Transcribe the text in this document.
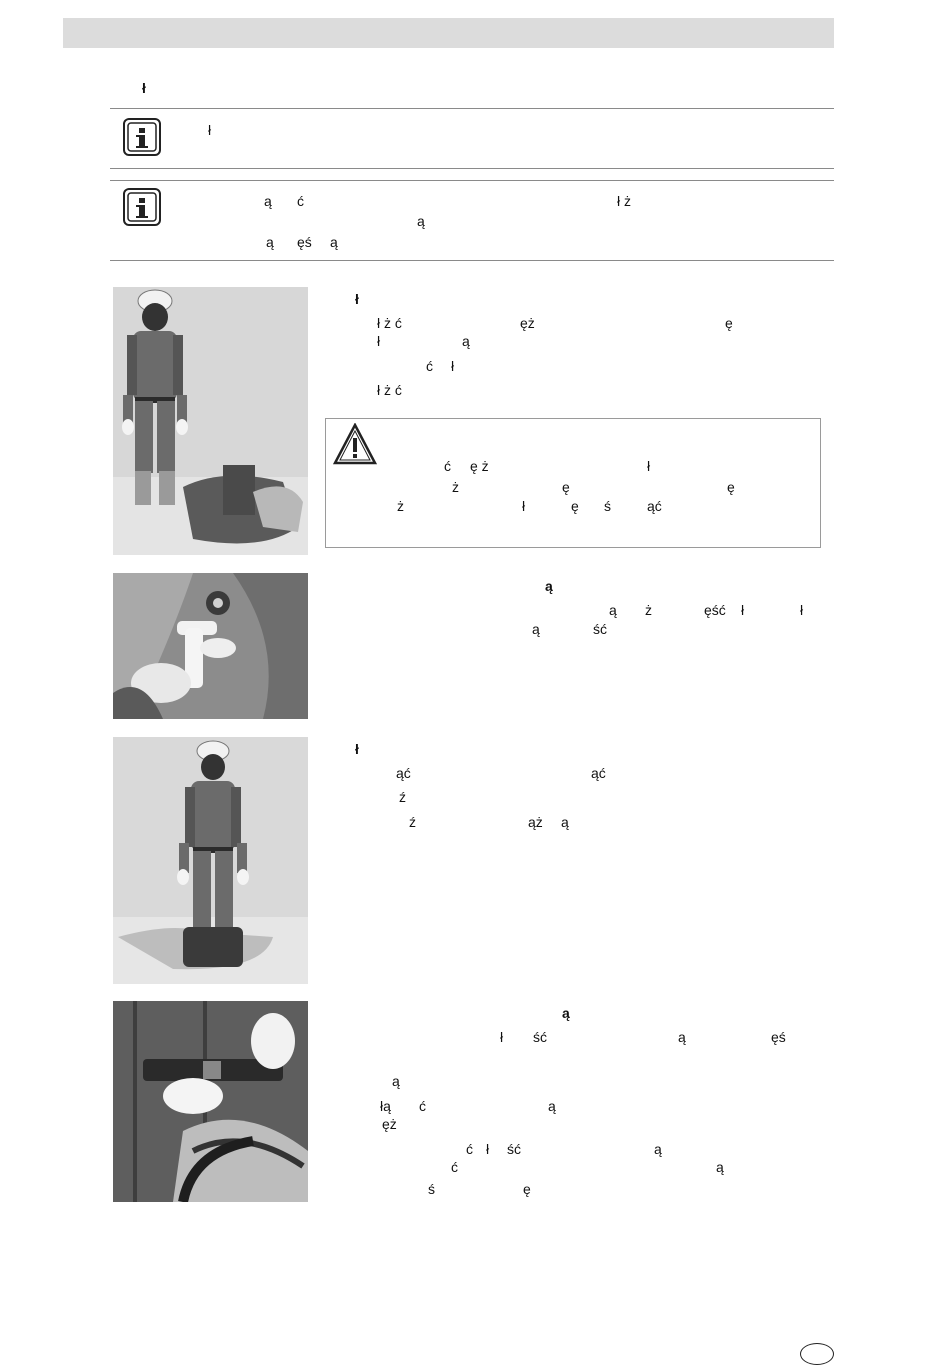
ł
ł
ą ć	ł ż
ą
ą ęś ą
ł
ł ż ć	ęż	ę
ł	ą
ć ł
ł ż ć
ć ę ż	ł
ż	ę	ę
ż	ł	ę ś	ąć
ą
ą ż	ęść ł	ł
ą	ść
ł
ąć	ąć
ź
ź	ąż ą
ą
ł ść	ą	ęś
ą
łą ć	ą
ęż
ć ł ść	ą
ć	ą
ś	ę
